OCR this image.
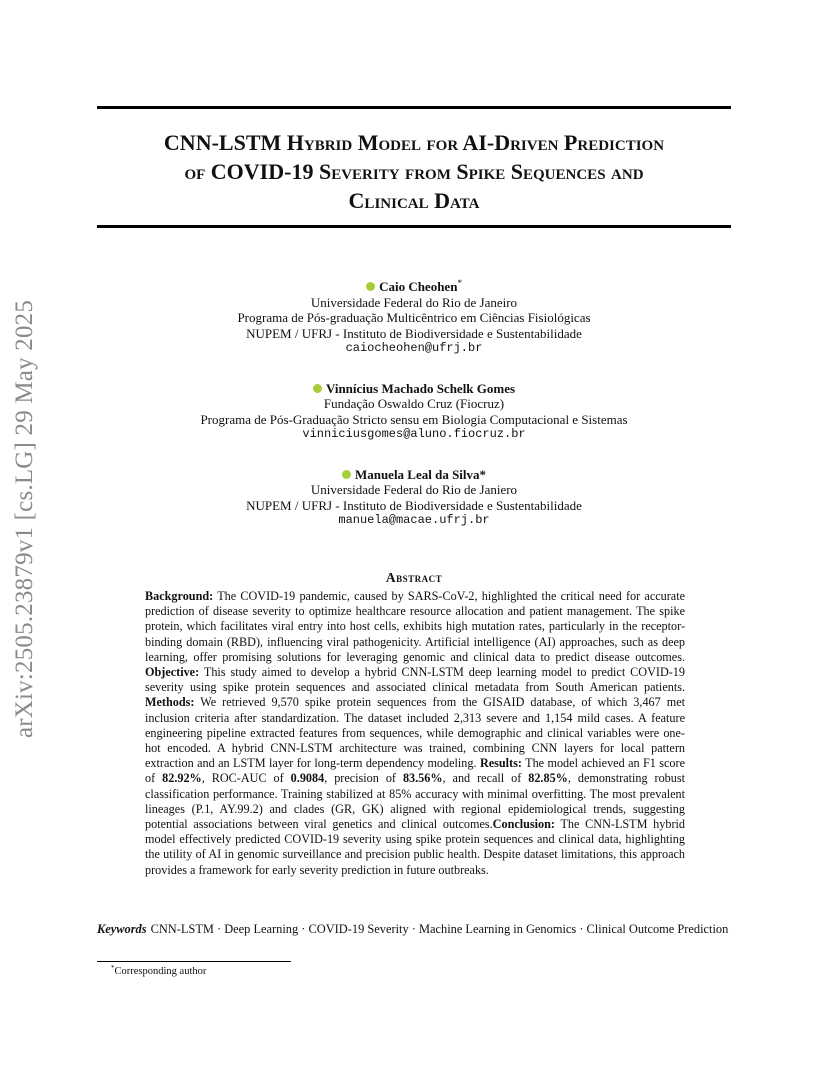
arXiv:2505.23879v1 [cs.LG] 29 May 2025
CNN-LSTM Hybrid Model for AI-Driven Prediction
of COVID-19 Severity from Spike Sequences and
Clinical Data
Caio Cheohen*
Universidade Federal do Rio de Janeiro
Programa de Pós-graduação Multicêntrico em Ciências Fisiológicas
NUPEM / UFRJ - Instituto de Biodiversidade e Sustentabilidade
caiocheohen@ufrj.br
Vinnícius Machado Schelk Gomes
Fundação Oswaldo Cruz (Fiocruz)
Programa de Pós-Graduação Stricto sensu em Biologia Computacional e Sistemas
vinniciusgomes@aluno.fiocruz.br
Manuela Leal da Silva*
Universidade Federal do Rio de Janiero
NUPEM / UFRJ - Instituto de Biodiversidade e Sustentabilidade
manuela@macae.ufrj.br
Abstract
Background: The COVID-19 pandemic, caused by SARS-CoV-2, highlighted the critical need for accurate prediction of disease severity to optimize healthcare resource allocation and patient management. The spike protein, which facilitates viral entry into host cells, exhibits high mutation rates, particularly in the receptor-binding domain (RBD), influencing viral pathogenicity. Artificial intelligence (AI) approaches, such as deep learning, offer promising solutions for leveraging genomic and clinical data to predict disease outcomes. Objective: This study aimed to develop a hybrid CNN-LSTM deep learning model to predict COVID-19 severity using spike protein sequences and associated clinical metadata from South American patients. Methods: We retrieved 9,570 spike protein sequences from the GISAID database, of which 3,467 met inclusion criteria after standardization. The dataset included 2,313 severe and 1,154 mild cases. A feature engineering pipeline extracted features from sequences, while demographic and clinical variables were one-hot encoded. A hybrid CNN-LSTM architecture was trained, combining CNN layers for local pattern extraction and an LSTM layer for long-term dependency modeling. Results: The model achieved an F1 score of 82.92%, ROC-AUC of 0.9084, precision of 83.56%, and recall of 82.85%, demonstrating robust classification performance. Training stabilized at 85% accuracy with minimal overfitting. The most prevalent lineages (P.1, AY.99.2) and clades (GR, GK) aligned with regional epidemiological trends, suggesting potential associations between viral genetics and clinical outcomes.Conclusion: The CNN-LSTM hybrid model effectively predicted COVID-19 severity using spike protein sequences and clinical data, highlighting the utility of AI in genomic surveillance and precision public health. Despite dataset limitations, this approach provides a framework for early severity prediction in future outbreaks.
Keywords CNN-LSTM · Deep Learning · COVID-19 Severity · Machine Learning in Genomics · Clinical Outcome Prediction
*Corresponding author
